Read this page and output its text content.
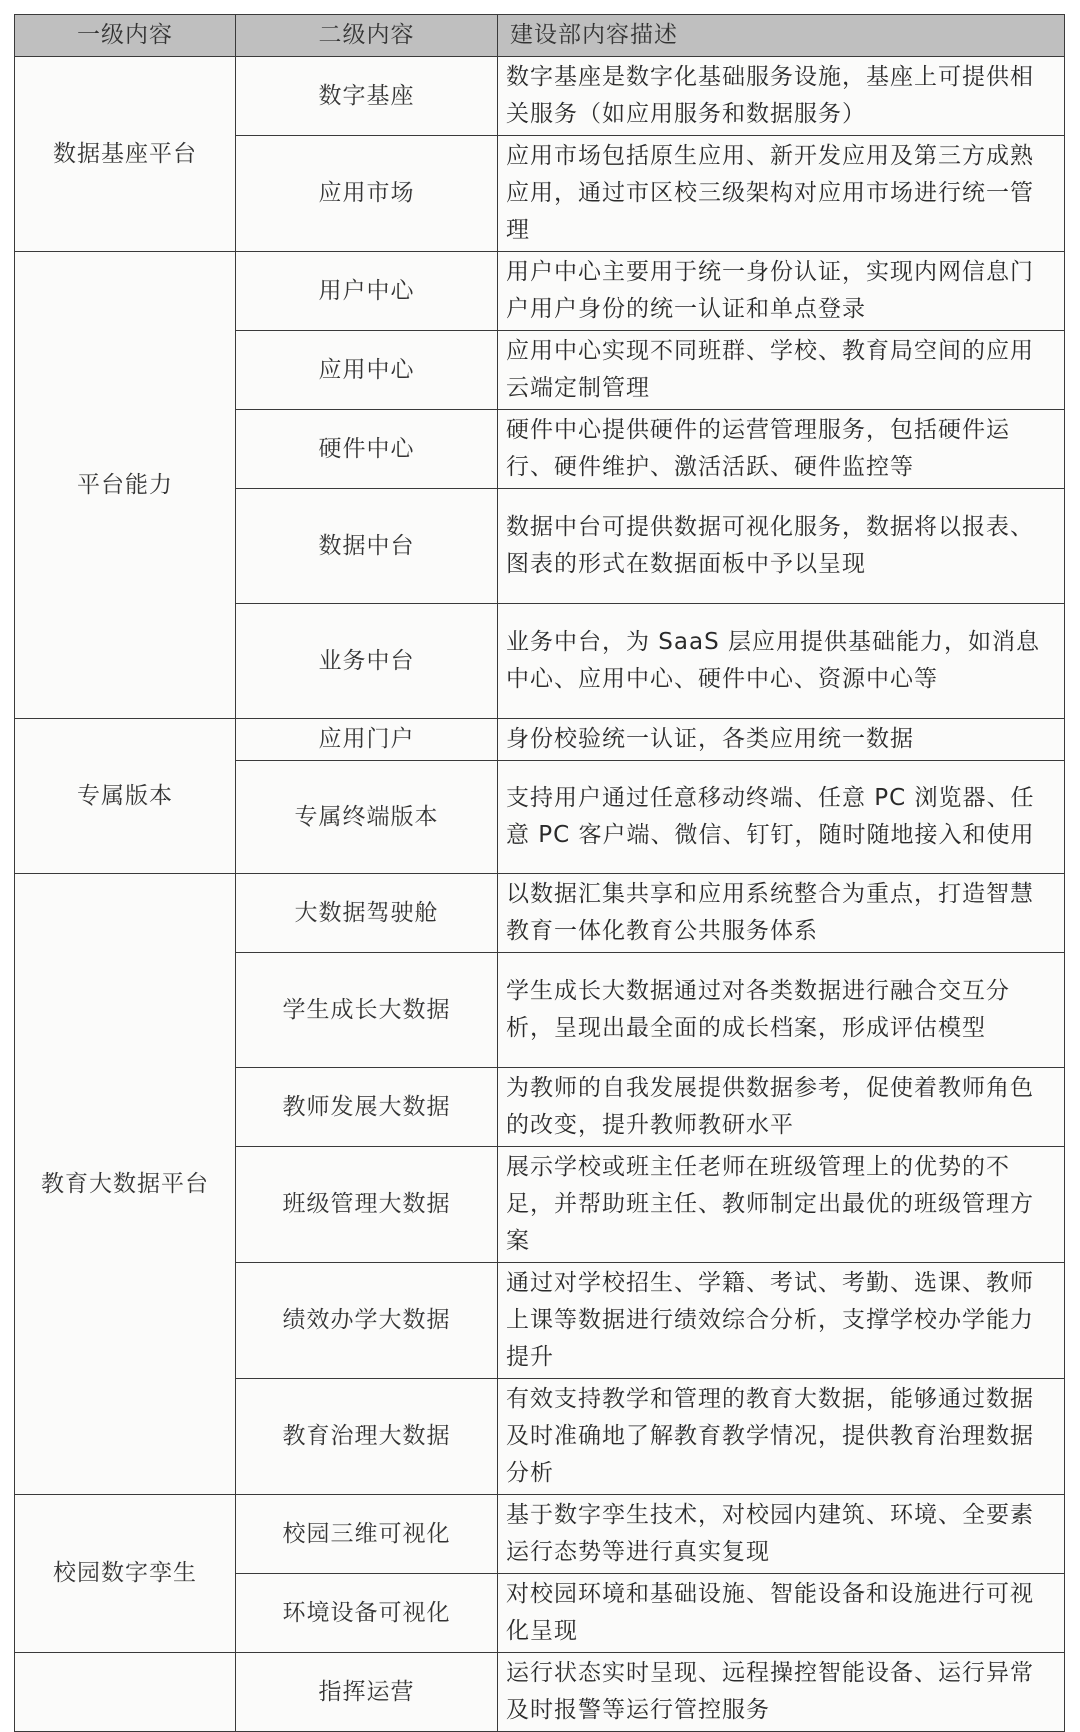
一级内容	二级内容	建设部内容描述
数据基座平台	数字基座	数字基座是数字化基础服务设施，基座上可提供相关服务（如应用服务和数据服务）
	应用市场	应用市场包括原生应用、新开发应用及第三方成熟应用，通过市区校三级架构对应用市场进行统一管理
平台能力	用户中心	用户中心主要用于统一身份认证，实现内网信息门户用户身份的统一认证和单点登录
	应用中心	应用中心实现不同班群、学校、教育局空间的应用云端定制管理
	硬件中心	硬件中心提供硬件的运营管理服务，包括硬件运行、硬件维护、激活活跃、硬件监控等
	数据中台	数据中台可提供数据可视化服务，数据将以报表、图表的形式在数据面板中予以呈现
	业务中台	业务中台，为 SaaS 层应用提供基础能力，如消息中心、应用中心、硬件中心、资源中心等
专属版本	应用门户	身份校验统一认证，各类应用统一数据
	专属终端版本	支持用户通过任意移动终端、任意 PC 浏览器、任意 PC 客户端、微信、钉钉，随时随地接入和使用
教育大数据平台	大数据驾驶舱	以数据汇集共享和应用系统整合为重点，打造智慧教育一体化教育公共服务体系
	学生成长大数据	学生成长大数据通过对各类数据进行融合交互分析，呈现出最全面的成长档案，形成评估模型
	教师发展大数据	为教师的自我发展提供数据参考，促使着教师角色的改变，提升教师教研水平
	班级管理大数据	展示学校或班主任老师在班级管理上的优势的不足，并帮助班主任、教师制定出最优的班级管理方案
	绩效办学大数据	通过对学校招生、学籍、考试、考勤、选课、教师上课等数据进行绩效综合分析，支撑学校办学能力提升
	教育治理大数据	有效支持教学和管理的教育大数据，能够通过数据及时准确地了解教育教学情况，提供教育治理数据分析
校园数字孪生	校园三维可视化	基于数字孪生技术，对校园内建筑、环境、全要素运行态势等进行真实复现
	环境设备可视化	对校园环境和基础设施、智能设备和设施进行可视化呈现
	指挥运营	运行状态实时呈现、远程操控智能设备、运行异常及时报警等运行管控服务
